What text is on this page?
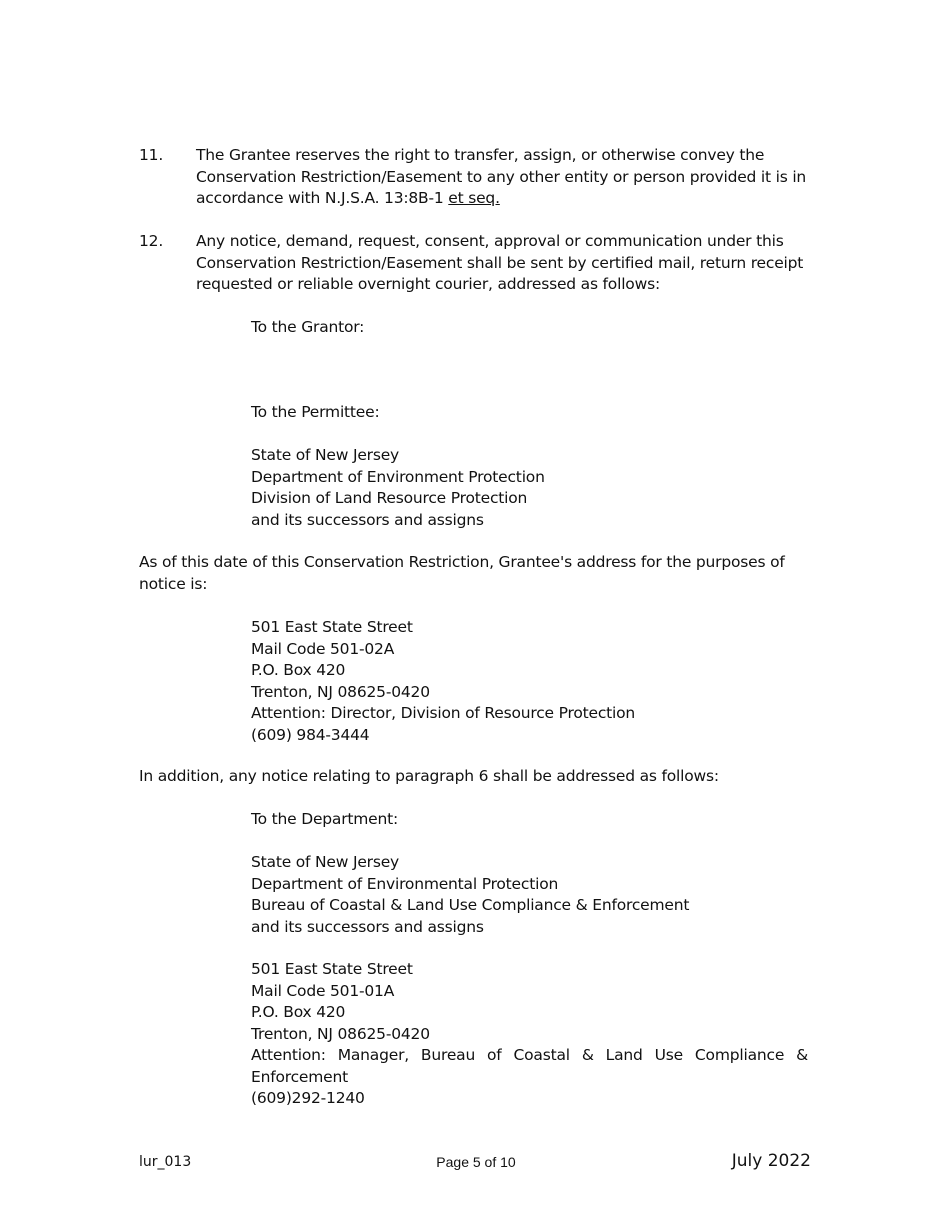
11. The Grantee reserves the right to transfer, assign, or otherwise convey the
Conservation Restriction/Easement to any other entity or person provided it is in
accordance with N.J.S.A. 13:8B-1 et seq.
12. Any notice, demand, request, consent, approval or communication under this
Conservation Restriction/Easement shall be sent by certified mail, return receipt
requested or reliable overnight courier, addressed as follows:
To the Grantor:
To the Permittee:
State of New Jersey
Department of Environment Protection
Division of Land Resource Protection
and its successors and assigns
As of this date of this Conservation Restriction, Grantee's address for the purposes of
notice is:
501 East State Street
Mail Code 501-02A
P.O. Box 420
Trenton, NJ 08625-0420
Attention: Director, Division of Resource Protection
(609) 984-3444
In addition, any notice relating to paragraph 6 shall be addressed as follows:
To the Department:
State of New Jersey
Department of Environmental Protection
Bureau of Coastal & Land Use Compliance & Enforcement
and its successors and assigns
501 East State Street
Mail Code 501-01A
P.O. Box 420
Trenton, NJ 08625-0420
Attention: Manager, Bureau of Coastal & Land Use Compliance &
Enforcement
(609)292-1240
lur_013	Page 5 of 10	July 2022
